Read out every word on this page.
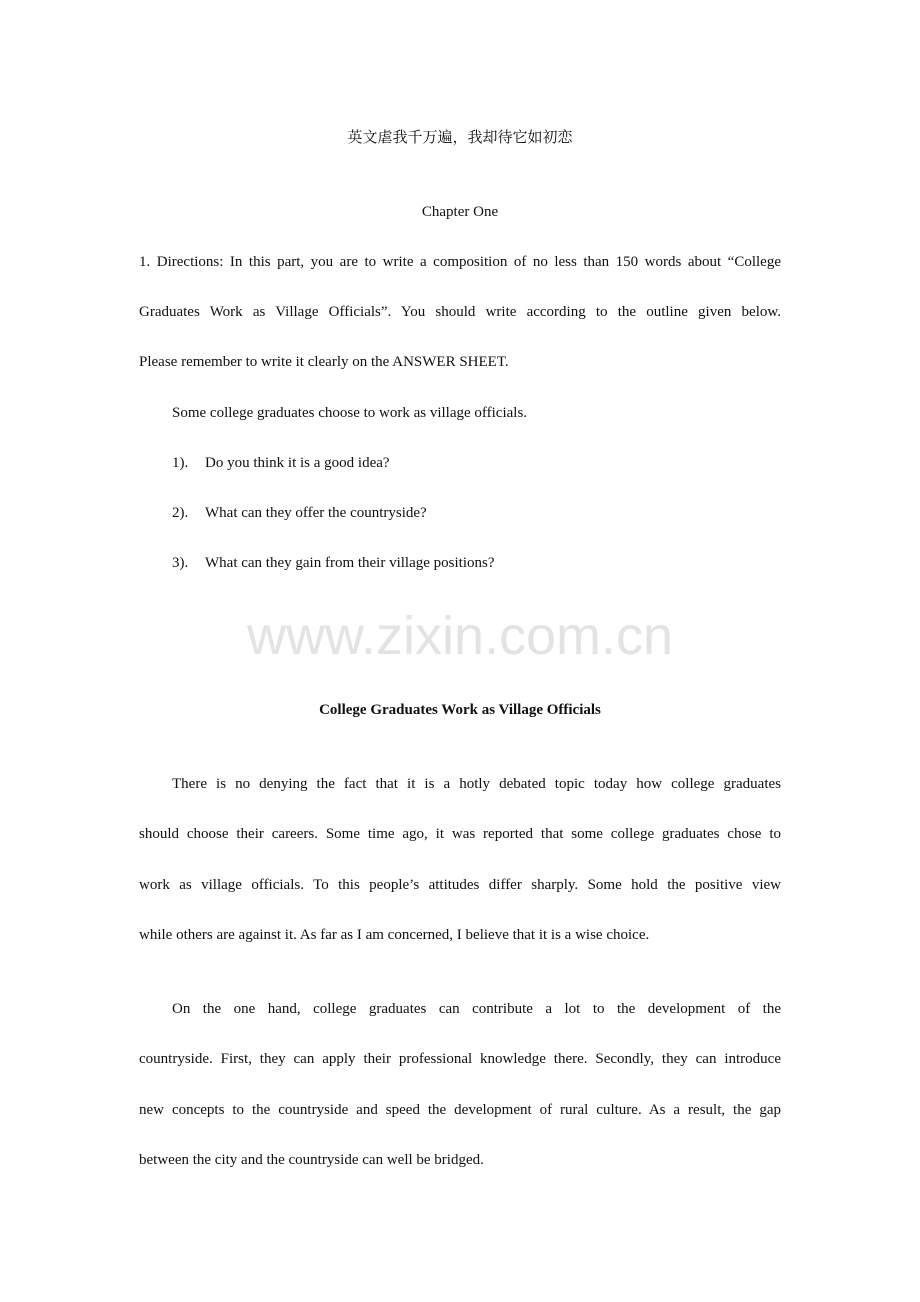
英文虐我千万遍，我却待它如初恋
Chapter One
1. Directions: In this part, you are to write a composition of no less than 150 words about “College
Graduates Work as Village Officials”. You should write according to the outline given below.
Please remember to write it clearly on the ANSWER SHEET.
Some college graduates choose to work as village officials.
1). Do you think it is a good idea?
2). What can they offer the countryside?
3). What can they gain from their village positions?
www.zixin.com.cn
College Graduates Work as Village Officials
There is no denying the fact that it is a hotly debated topic today how college graduates
should choose their careers. Some time ago, it was reported that some college graduates chose to
work as village officials. To this people’s attitudes differ sharply. Some hold the positive view
while others are against it. As far as I am concerned, I believe that it is a wise choice.
On the one hand, college graduates can contribute a lot to the development of the
countryside. First, they can apply their professional knowledge there. Secondly, they can introduce
new concepts to the countryside and speed the development of rural culture. As a result, the gap
between the city and the countryside can well be bridged.
